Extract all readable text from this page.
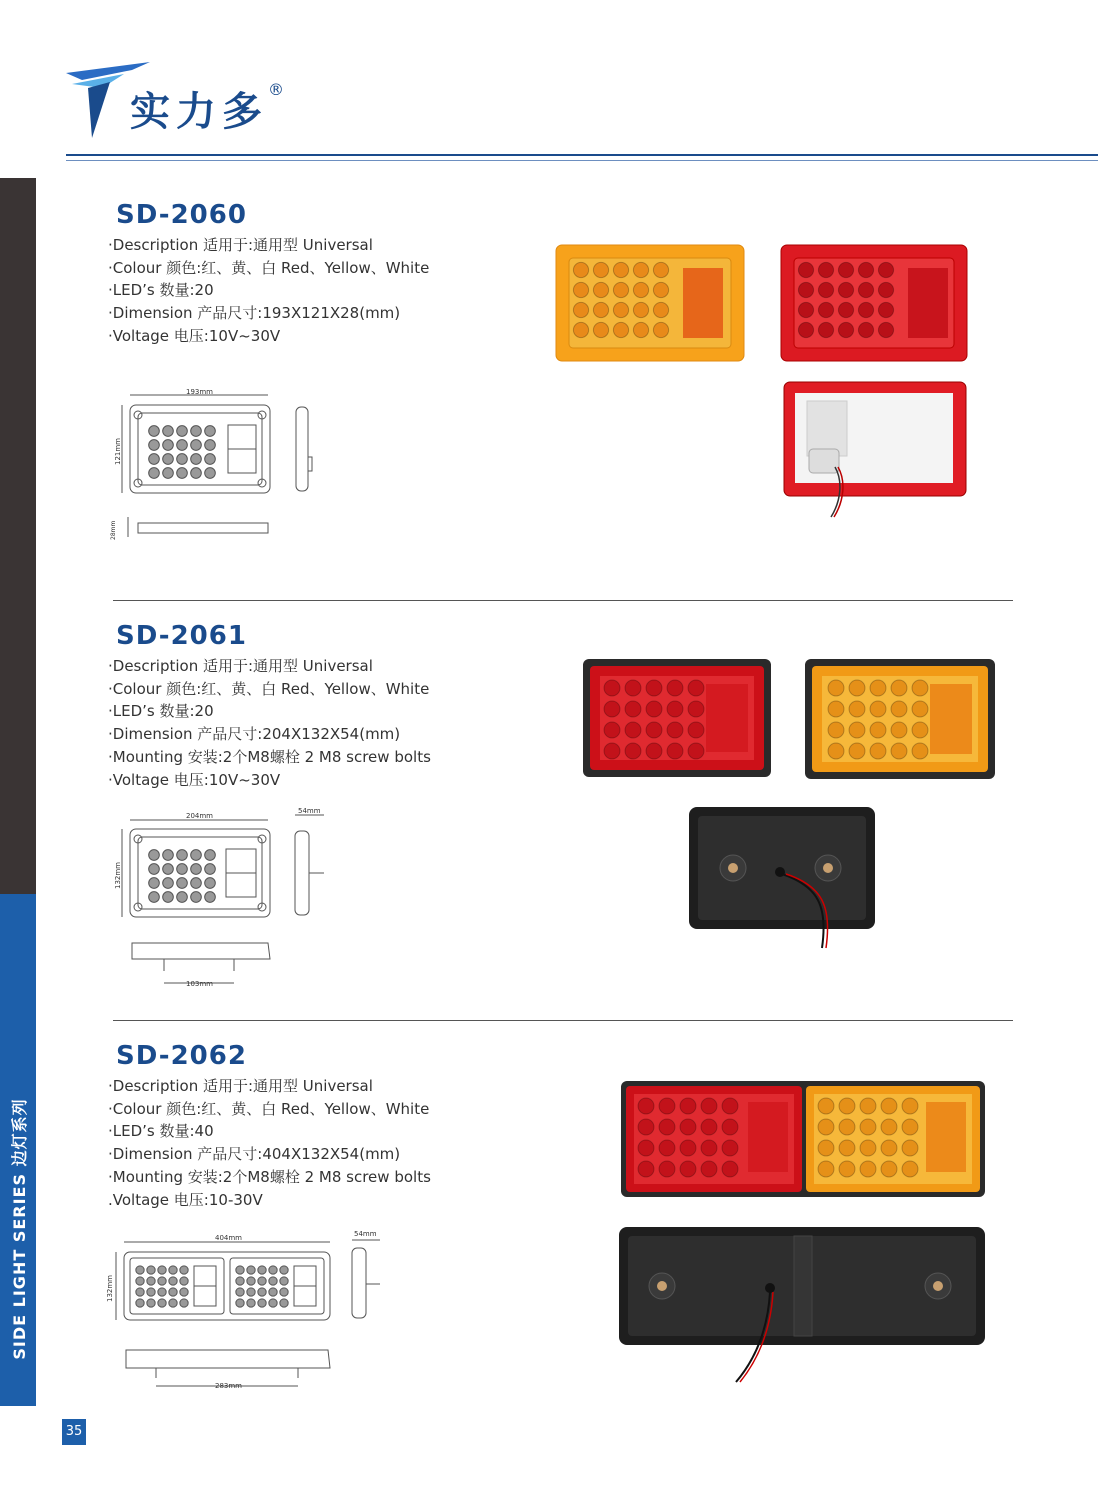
实力多 ®
SIDE LIGHT SERIES 边灯系列
35
SD-2060
·Description 适用于:通用型 Universal
·Colour 颜色:红、黄、白 Red、Yellow、White
·LED’s 数量:20
·Dimension 产品尺寸:193X121X28(mm)
·Voltage 电压:10V~30V
193mm
121mm
28mm
SD-2061
·Description 适用于:通用型 Universal
·Colour 颜色:红、黄、白 Red、Yellow、White
·LED’s 数量:20
·Dimension 产品尺寸:204X132X54(mm)
·Mounting 安装:2个M8螺栓 2 M8 screw bolts
·Voltage 电压:10V~30V
204mm
132mm
54mm
103mm
SD-2062
·Description 适用于:通用型 Universal
·Colour 颜色:红、黄、白 Red、Yellow、White
·LED’s 数量:40
·Dimension 产品尺寸:404X132X54(mm)
·Mounting 安装:2个M8螺栓 2 M8 screw bolts
.Voltage 电压:10-30V
404mm
132mm
54mm
283mm
